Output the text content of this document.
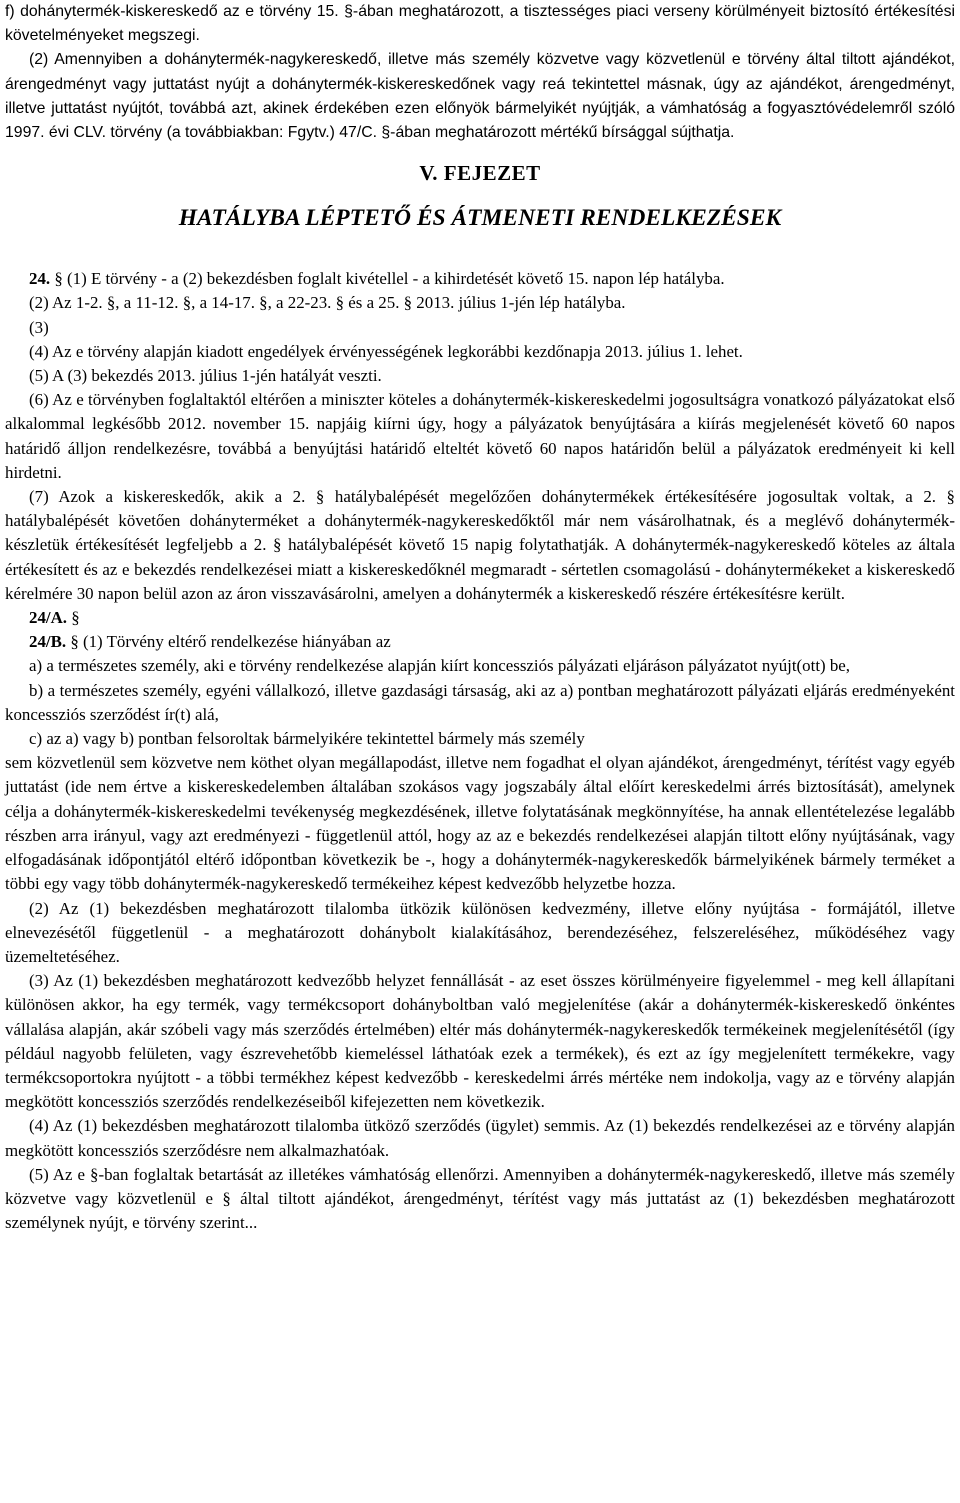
f) dohánytermék-kiskereskedő az e törvény 15. §-ában meghatározott, a tisztességes piaci verseny körülményeit biztosító értékesítési követelményeket megszegi.

(2) Amennyiben a dohánytermék-nagykereskedő, illetve más személy közvetve vagy közvetlenül e törvény által tiltott ajándékot, árengedményt vagy juttatást nyújt a dohánytermék-kiskereskedőnek vagy reá tekintettel másnak, úgy az ajándékot, árengedményt, illetve juttatást nyújtót, továbbá azt, akinek érdekében ezen előnyök bármelyikét nyújtják, a vámhatóság a fogyasztóvédelemről szóló 1997. évi CLV. törvény (a továbbiakban: Fgytv.) 47/C. §-ában meghatározott mértékű bírsággal sújthatja.

V. FEJEZET

HATÁLYBA LÉPTETŐ ÉS ÁTMENETI RENDELKEZÉSEK

24. § (1) E törvény - a (2) bekezdésben foglalt kivétellel - a kihirdetését követő 15. napon lép hatályba.

(2) Az 1-2. §, a 11-12. §, a 14-17. §, a 22-23. § és a 25. § 2013. július 1-jén lép hatályba.

(3)

(4) Az e törvény alapján kiadott engedélyek érvényességének legkorábbi kezdőnapja 2013. július 1. lehet.

(5) A (3) bekezdés 2013. július 1-jén hatályát veszti.

(6) Az e törvényben foglaltaktól eltérően a miniszter köteles a dohánytermék-kiskereskedelmi jogosultságra vonatkozó pályázatokat első alkalommal legkésőbb 2012. november 15. napjáig kiírni úgy, hogy a pályázatok benyújtására a kiírás megjelenését követő 60 napos határidő álljon rendelkezésre, továbbá a benyújtási határidő elteltét követő 60 napos határidőn belül a pályázatok eredményeit ki kell hirdetni.

(7) Azok a kiskereskedők, akik a 2. § hatálybalépését megelőzően dohánytermékek értékesítésére jogosultak voltak, a 2. § hatálybalépését követően dohányterméket a dohánytermék-nagykereskedőktől már nem vásárolhatnak, és a meglévő dohánytermék-készletük értékesítését legfeljebb a 2. § hatálybalépését követő 15 napig folytathatják. A dohánytermék-nagykereskedő köteles az általa értékesített és az e bekezdés rendelkezései miatt a kiskereskedőknél megmaradt - sértetlen csomagolású - dohánytermékeket a kiskereskedő kérelmére 30 napon belül azon az áron visszavásárolni, amelyen a dohánytermék a kiskereskedő részére értékesítésre került.

24/A. §

24/B. § (1) Törvény eltérő rendelkezése hiányában az

a) a természetes személy, aki e törvény rendelkezése alapján kiírt koncessziós pályázati eljáráson pályázatot nyújt(ott) be,

b) a természetes személy, egyéni vállalkozó, illetve gazdasági társaság, aki az a) pontban meghatározott pályázati eljárás eredményeként koncessziós szerződést ír(t) alá,

c) az a) vagy b) pontban felsoroltak bármelyikére tekintettel bármely más személy

sem közvetlenül sem közvetve nem köthet olyan megállapodást, illetve nem fogadhat el olyan ajándékot, árengedményt, térítést vagy egyéb juttatást (ide nem értve a kiskereskedelemben általában szokásos vagy jogszabály által előírt kereskedelmi árrés biztosítását), amelynek célja a dohánytermék-kiskereskedelmi tevékenység megkezdésének, illetve folytatásának megkönnyítése, ha annak ellentételezése legalább részben arra irányul, vagy azt eredményezi - függetlenül attól, hogy az az e bekezdés rendelkezései alapján tiltott előny nyújtásának, vagy elfogadásának időpontjától eltérő időpontban következik be -, hogy a dohánytermék-nagykereskedők bármelyikének bármely terméket a többi egy vagy több dohánytermék-nagykereskedő termékeihez képest kedvezőbb helyzetbe hozza.

(2) Az (1) bekezdésben meghatározott tilalomba ütközik különösen kedvezmény, illetve előny nyújtása - formájától, illetve elnevezésétől függetlenül - a meghatározott dohánybolt kialakításához, berendezéséhez, felszereléséhez, működéséhez vagy üzemeltetéséhez.

(3) Az (1) bekezdésben meghatározott kedvezőbb helyzet fennállását - az eset összes körülményeire figyelemmel - meg kell állapítani különösen akkor, ha egy termék, vagy termékcsoport dohányboltban való megjelenítése (akár a dohánytermék-kiskereskedő önkéntes vállalása alapján, akár szóbeli vagy más szerződés értelmében) eltér más dohánytermék-nagykereskedők termékeinek megjelenítésétől (így például nagyobb felületen, vagy észrevehetőbb kiemeléssel láthatóak ezek a termékek), és ezt az így megjelenített termékekre, vagy termékcsoportokra nyújtott - a többi termékhez képest kedvezőbb - kereskedelmi árrés mértéke nem indokolja, vagy az e törvény alapján megkötött koncessziós szerződés rendelkezéseiből kifejezetten nem következik.

(4) Az (1) bekezdésben meghatározott tilalomba ütköző szerződés (ügylet) semmis. Az (1) bekezdés rendelkezései az e törvény alapján megkötött koncessziós szerződésre nem alkalmazhatóak.

(5) Az e §-ban foglaltak betartását az illetékes vámhatóság ellenőrzi. Amennyiben a dohánytermék-nagykereskedő, illetve más személy közvetve vagy közvetlenül e § által tiltott ajándékot, árengedményt, térítést vagy más juttatást az (1) bekezdésben meghatározott személynek nyújt, e törvény szerint...
